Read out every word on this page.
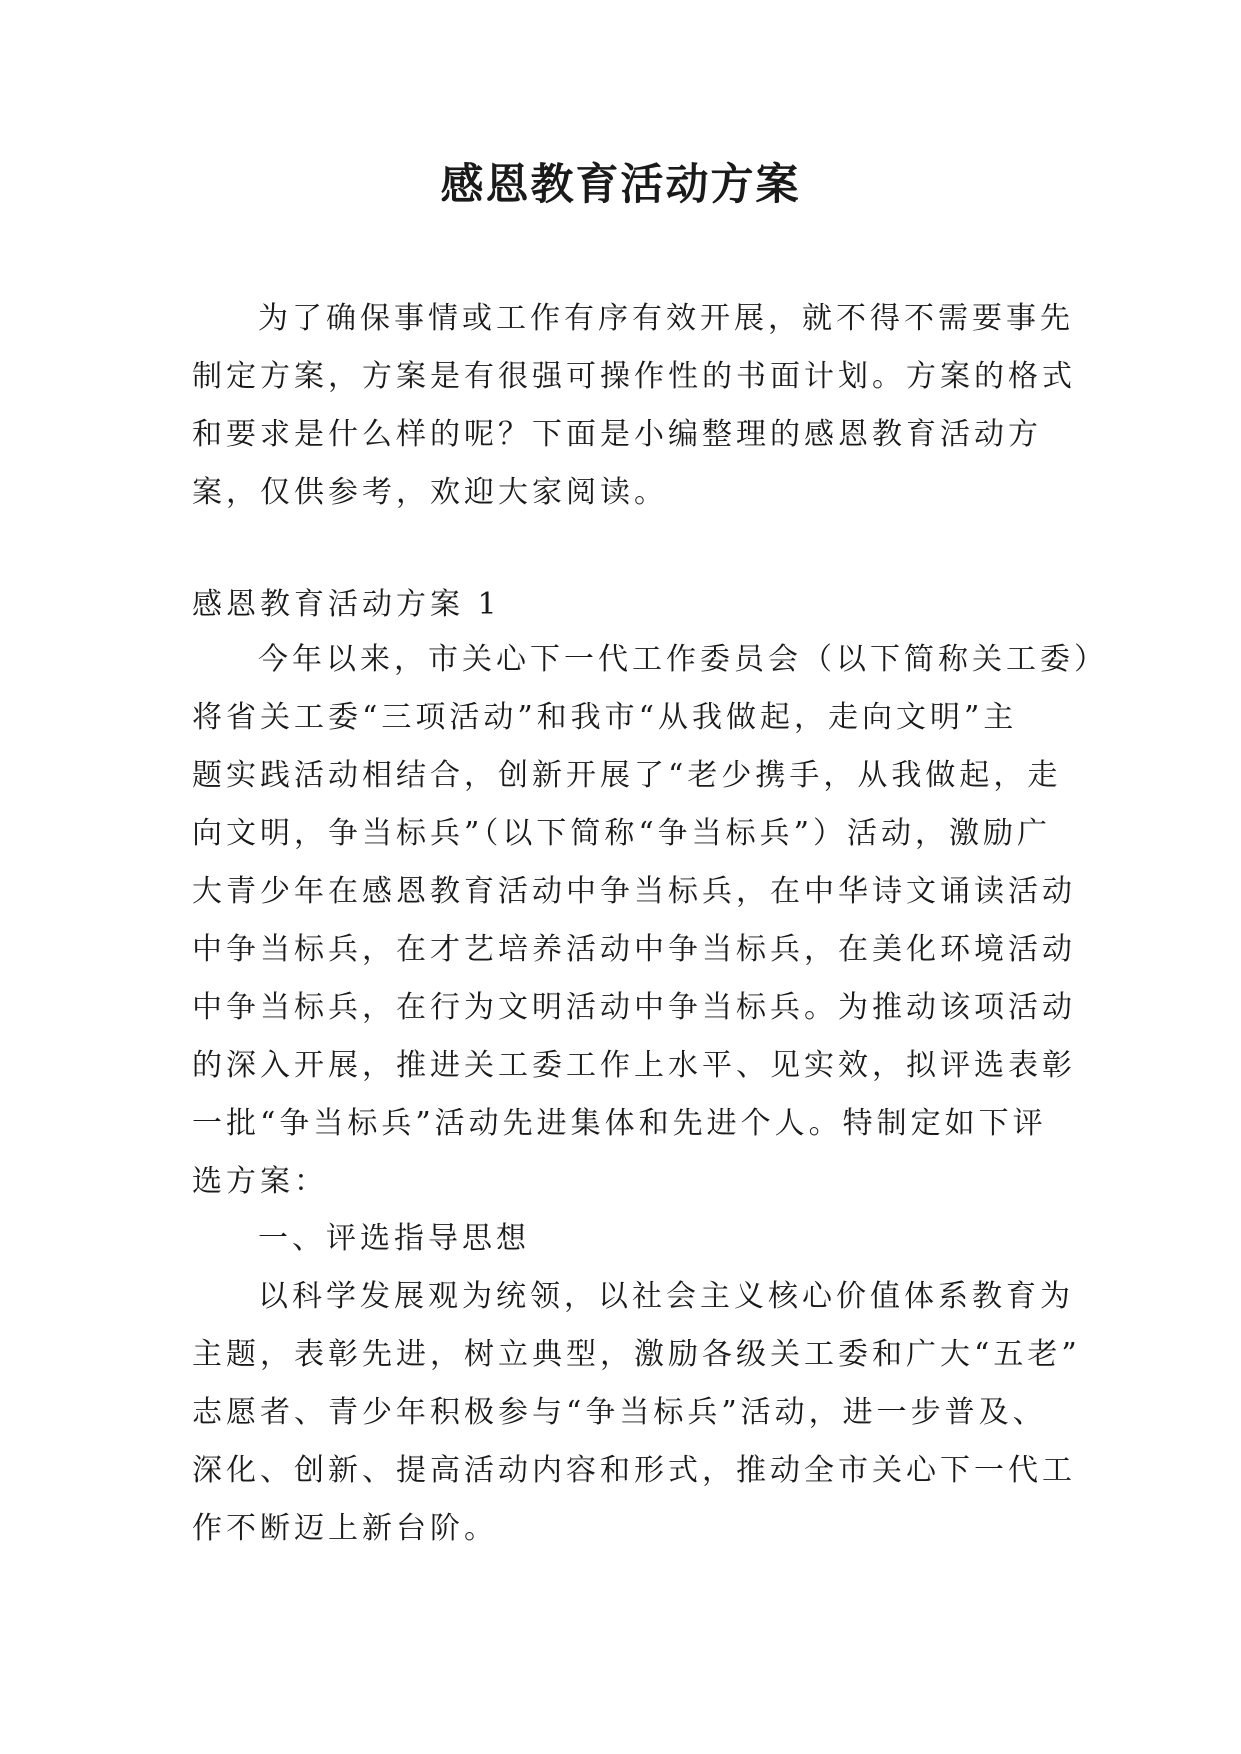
感恩教育活动方案
为了确保事情或工作有序有效开展，就不得不需要事先
制定方案，方案是有很强可操作性的书面计划。方案的格式
和要求是什么样的呢？下面是小编整理的感恩教育活动方
案，仅供参考，欢迎大家阅读。
感恩教育活动方案 1
今年以来，市关心下一代工作委员会（以下简称关工委）
将省关工委“三项活动”和我市“从我做起，走向文明”主
题实践活动相结合，创新开展了“老少携手，从我做起，走
向文明，争当标兵”（以下简称“争当标兵”）活动，激励广
大青少年在感恩教育活动中争当标兵，在中华诗文诵读活动
中争当标兵，在才艺培养活动中争当标兵，在美化环境活动
中争当标兵，在行为文明活动中争当标兵。为推动该项活动
的深入开展，推进关工委工作上水平、见实效，拟评选表彰
一批“争当标兵”活动先进集体和先进个人。特制定如下评
选方案：
一、评选指导思想
以科学发展观为统领，以社会主义核心价值体系教育为
主题，表彰先进，树立典型，激励各级关工委和广大“五老”
志愿者、青少年积极参与“争当标兵”活动，进一步普及、
深化、创新、提高活动内容和形式，推动全市关心下一代工
作不断迈上新台阶。
